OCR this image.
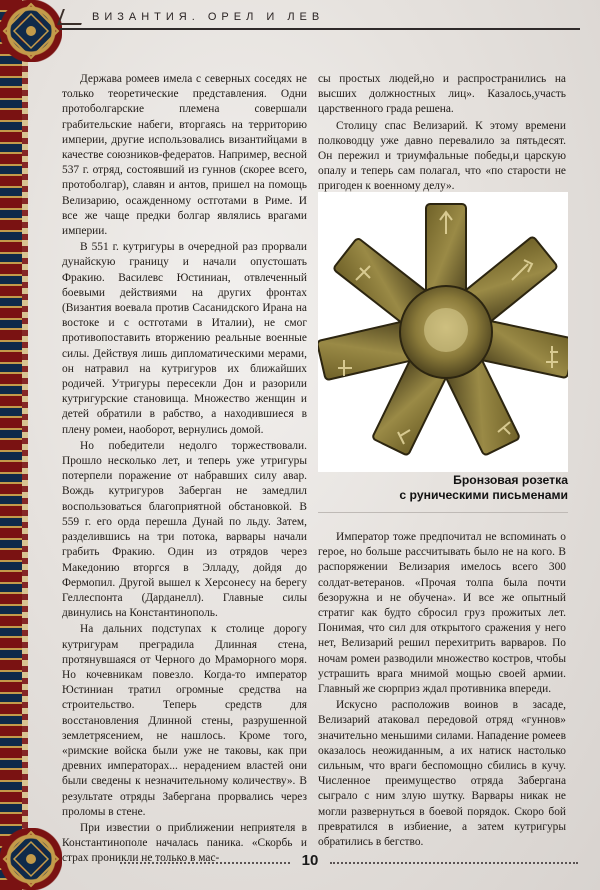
ВИЗАНТИЯ. ОРЕЛ И ЛЕВ

Держава ромеев имела с северных соседях не только теоретические представления. Одни протоболгарские племена совершали грабительские набеги, вторгаясь на территорию империи, другие использовались византийцами в качестве союзников-федератов. Например, весной 537 г. отряд, состоявший из гуннов (скорее всего, протоболгар), славян и антов, пришел на помощь Велизарию, осажденному остготами в Риме. И все же чаще предки болгар являлись врагами империи.

В 551 г. кутригуры в очередной раз прорвали дунайскую границу и начали опустошать Фракию. Василевс Юстиниан, отвлеченный боевыми действиями на других фронтах (Византия воевала против Сасанидского Ирана на востоке и с остготами в Италии), не смог противопоставить вторжению реальные военные силы. Действуя лишь дипломатическими мерами, он натравил на кутригуров их ближайших родичей. Утригуры пересекли Дон и разорили кутригурские становища. Множество женщин и детей обратили в рабство, а находившиеся в плену ромеи, наоборот, вернулись домой.

Но победители недолго торжествовали. Прошло несколько лет, и теперь уже утригуры потерпели поражение от набравших силу авар. Вождь кутригуров Заберган не замедлил воспользоваться благоприятной обстановкой. В 559 г. его орда перешла Дунай по льду. Затем, разделившись на три потока, варвары начали грабить Фракию. Один из отрядов через Македонию вторгся в Элладу, дойдя до Фермопил. Другой вышел к Херсонесу на берегу Геллеспонта (Дарданелл). Главные силы двинулись на Константинополь.

На дальних подступах к столице дорогу кутригурам преградила Длинная стена, протянувшаяся от Черного до Мраморного моря. Но кочевникам повезло. Когда-то император Юстиниан тратил огромные средства на строительство. Теперь средств для восстановления Длинной стены, разрушенной землетрясением, не нашлось. Кроме того, «римские войска были уже не таковы, как при древних императорах... нерадением властей они были сведены к незначительному количеству». В результате отряды Забергана прорвались через проломы в стене.

При известии о приближении неприятеля в Константинополе началась паника. «Скорбь и страх проникли не только в мас-

сы простых людей,но и распространились на высших должностных лиц». Казалось,участь царственного града решена.

Столицу спас Велизарий. К этому времени полководцу уже давно перевалило за пятьдесят. Он пережил и триумфальные победы,и царскую опалу и теперь сам полагал, что «по старости не пригоден к военному делу».

Бронзовая розетка
с руническими письменами

Император тоже предпочитал не вспоминать о герое, но больше рассчитывать было не на кого. В распоряжении Велизария имелось всего 300 солдат-ветеранов. «Прочая толпа была почти безоружна и не обучена». И все же опытный стратиг как будто сбросил груз прожитых лет. Понимая, что сил для открытого сражения у него нет, Велизарий решил перехитрить варваров. По ночам ромеи разводили множество костров, чтобы устрашить врага мнимой мощью своей армии. Главный же сюрприз ждал противника впереди.

Искусно расположив воинов в засаде, Велизарий атаковал передовой отряд «гуннов» значительно меньшими силами. Нападение ромеев оказалось неожиданным, а их натиск настолько сильным, что враги беспомощно сбились в кучу. Численное преимущество отряда Забергана сыграло с ним злую шутку. Варвары никак не могли развернуться в боевой порядок. Скоро бой превратился в избиение, а затем кутригуры обратились в бегство.

10
